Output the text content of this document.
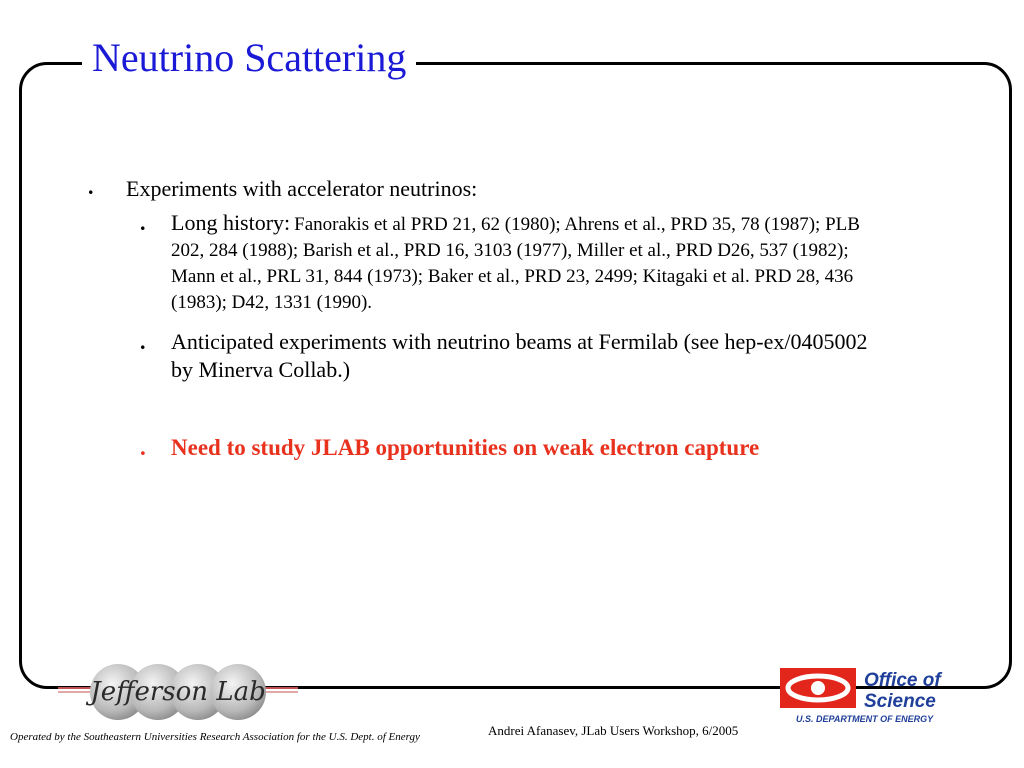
Neutrino Scattering
. Experiments with accelerator neutrinos:
. Long history: Fanorakis et al PRD 21, 62 (1980); Ahrens et al., PRD 35, 78 (1987); PLB 202, 284 (1988); Barish et al., PRD 16, 3103 (1977), Miller et al., PRD D26, 537 (1982); Mann et al., PRL 31, 844 (1973); Baker et al., PRD 23, 2499; Kitagaki et al. PRD 28, 436 (1983); D42, 1331 (1990).
. Anticipated experiments with neutrino beams at Fermilab (see hep-ex/0405002 by Minerva Collab.)
. Need to study JLAB opportunities on weak electron capture
Jefferson Lab	Office of
Science
U.S. DEPARTMENT OF ENERGY
Andrei Afanasev, JLab Users Workshop, 6/2005
Operated by the Southeastern Universities Research Association for the U.S. Dept. of Energy
